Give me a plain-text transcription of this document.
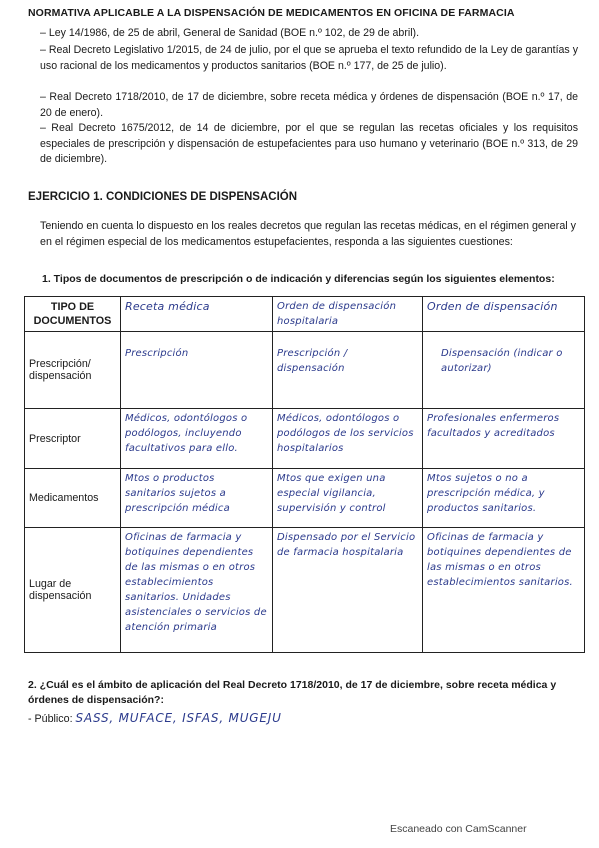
NORMATIVA APLICABLE A LA DISPENSACIÓN DE MEDICAMENTOS EN OFICINA DE FARMACIA
– Ley 14/1986, de 25 de abril, General de Sanidad (BOE n.º 102, de 29 de abril).
– Real Decreto Legislativo 1/2015, de 24 de julio, por el que se aprueba el texto refundido de la Ley de garantías y uso racional de los medicamentos y productos sanitarios (BOE n.º 177, de 25 de julio).
– Real Decreto 1718/2010, de 17 de diciembre, sobre receta médica y órdenes de dispensación (BOE n.º 17, de 20 de enero).
– Real Decreto 1675/2012, de 14 de diciembre, por el que se regulan las recetas oficiales y los requisitos especiales de prescripción y dispensación de estupefacientes para uso humano y veterinario (BOE n.º 313, de 29 de diciembre).
EJERCICIO 1. CONDICIONES DE DISPENSACIÓN
Teniendo en cuenta lo dispuesto en los reales decretos que regulan las recetas médicas, en el régimen general y en el régimen especial de los medicamentos estupefacientes, responda a las siguientes cuestiones:
1. Tipos de documentos de prescripción o de indicación y diferencias según los siguientes elementos:
TIPO DE DOCUMENTOS	Receta médica	Orden de dispensación hospitalaria	Orden de dispensación
Prescripción/ dispensación	Prescripción	Prescripción / dispensación	Dispensación (indicar o autorizar)
Prescriptor	Médicos, odontólogos o podólogos, incluyendo facultativos para ello.	Médicos, odontólogos o podólogos de los servicios hospitalarios	Profesionales enfermeros facultados y acreditados
Medicamentos	Mtos o productos sanitarios sujetos a prescripción médica	Mtos que exigen una especial vigilancia, supervisión y control	Mtos sujetos o no a prescripción médica, y productos sanitarios.
Lugar de dispensación	Oficinas de farmacia y botiquines dependientes de las mismas o en otros establecimientos sanitarios. Unidades asistenciales o servicios de atención primaria	Dispensado por el Servicio de farmacia hospitalaria	Oficinas de farmacia y botiquines dependientes de las mismas o en otros establecimientos sanitarios.
2. ¿Cuál es el ámbito de aplicación del Real Decreto 1718/2010, de 17 de diciembre, sobre receta médica y órdenes de dispensación?:
- Público: SASS, MUFACE, ISFAS, MUGEJU
Escaneado con CamScanner
